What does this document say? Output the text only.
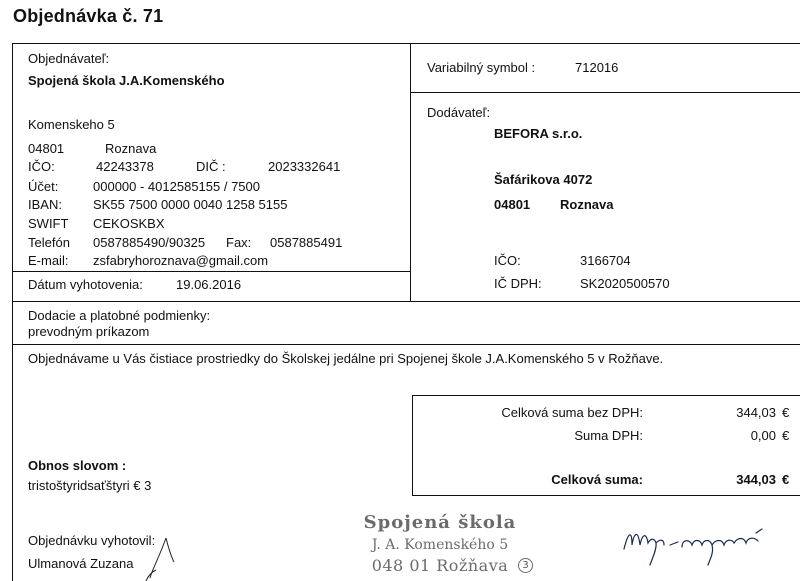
Objednávka č. 71
Objednávateľ:
Spojená škola J.A.Komenského
Komenskeho 5
04801	Roznava
IČO:	42243378	DIČ :	2023332641
Účet:	000000 - 4012585155 / 7500
IBAN: SK55 7500 0000 0040 1258 5155
SWIFT CEKOSKBX
Telefón 0587885490/90325 Fax: 0587885491
E-mail: zsfabryhoroznava@gmail.com
Dátum vyhotovenia:	19.06.2016
Variabilný symbol :	712016
Dodávateľ:
BEFORA s.r.o.
Šafárikova 4072
04801 Roznava
IČO:	3166704
IČ DPH:	SK2020500570
Dodacie a platobné podmienky:
prevodným príkazom
Objednávame u Vás čistiace prostriedky do Školskej jedálne pri Spojenej škole J.A.Komenského 5 v Rožňave.
Celková suma bez DPH:	344,03 €
Suma DPH:	0,00 €
Celková suma:	344,03 €
Obnos slovom :
tristoštyridsaťštyri € 3
Objednávku vyhotovil:
Ulmanová Zuzana
Spojená škola
J. A. Komenského 5
048 01 Rožňava	3
